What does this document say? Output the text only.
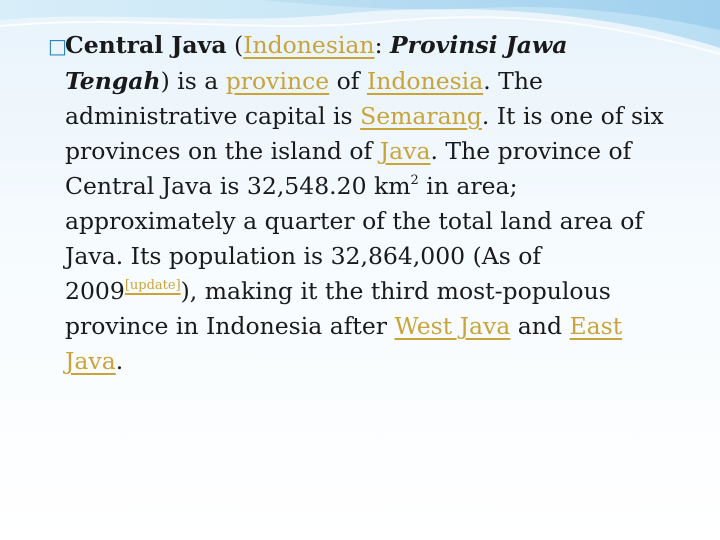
□Central Java (Indonesian: Provinsi Jawa Tengah) is a province of Indonesia. The administrative capital is Semarang. It is one of six provinces on the island of Java. The province of Central Java is 32,548.20 $km^2$ in area; approximately a quarter of the total land area of Java. Its population is 32,864,000 (As of 2009[update]), making it the third most-populous province in Indonesia after West Java and East Java.
